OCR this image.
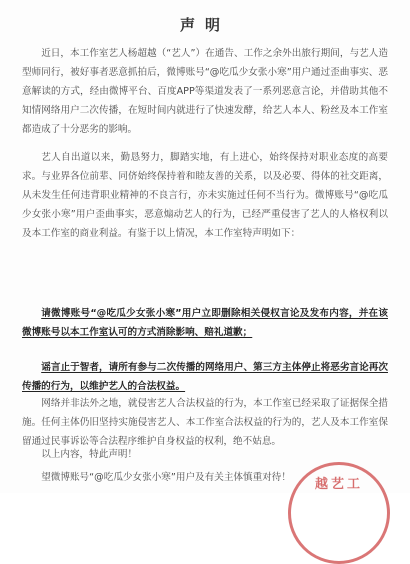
声明

近日，本工作室艺人杨超越（“艺人”）在通告、工作之余外出旅行期间，与艺人造型师同行，被好事者恶意抓拍后，微博账号“@吃瓜少女张小寒”用户通过歪曲事实、恶意解读的方式，经由微博平台、百度APP等渠道发表了一系列恶意言论，并借助其他不知情网络用户二次传播，在短时间内就进行了快速发酵，给艺人本人、粉丝及本工作室都造成了十分恶劣的影响。

艺人自出道以来，勤恳努力，脚踏实地，有上进心，始终保持对职业态度的高要求。与业界各位前辈、同侪始终保持着和睦友善的关系，以及必要、得体的社交距离，从未发生任何违背职业精神的不良言行，亦未实施过任何不当行为。微博账号“@吃瓜少女张小寒”用户歪曲事实，恶意煽动艺人的行为，已经严重侵害了艺人的人格权利以及本工作室的商业利益。有鉴于以上情况，本工作室特声明如下：

请微博账号“@吃瓜少女张小寒”用户立即删除相关侵权言论及发布内容，并在该微博账号以本工作室认可的方式消除影响、赔礼道歉；

谣言止于智者，请所有参与二次传播的网络用户、第三方主体停止将恶劣言论再次传播的行为，以维护艺人的合法权益。

网络并非法外之地，就侵害艺人合法权益的行为，本工作室已经采取了证据保全措施。任何主体仍旧坚持实施侵害艺人、本工作室合法权益的行为的，艺人及本工作室保留通过民事诉讼等合法程序维护自身权益的权利，绝不姑息。

以上内容，特此声明！

望微博账号“@吃瓜少女张小寒”用户及有关主体慎重对待！	越艺工
